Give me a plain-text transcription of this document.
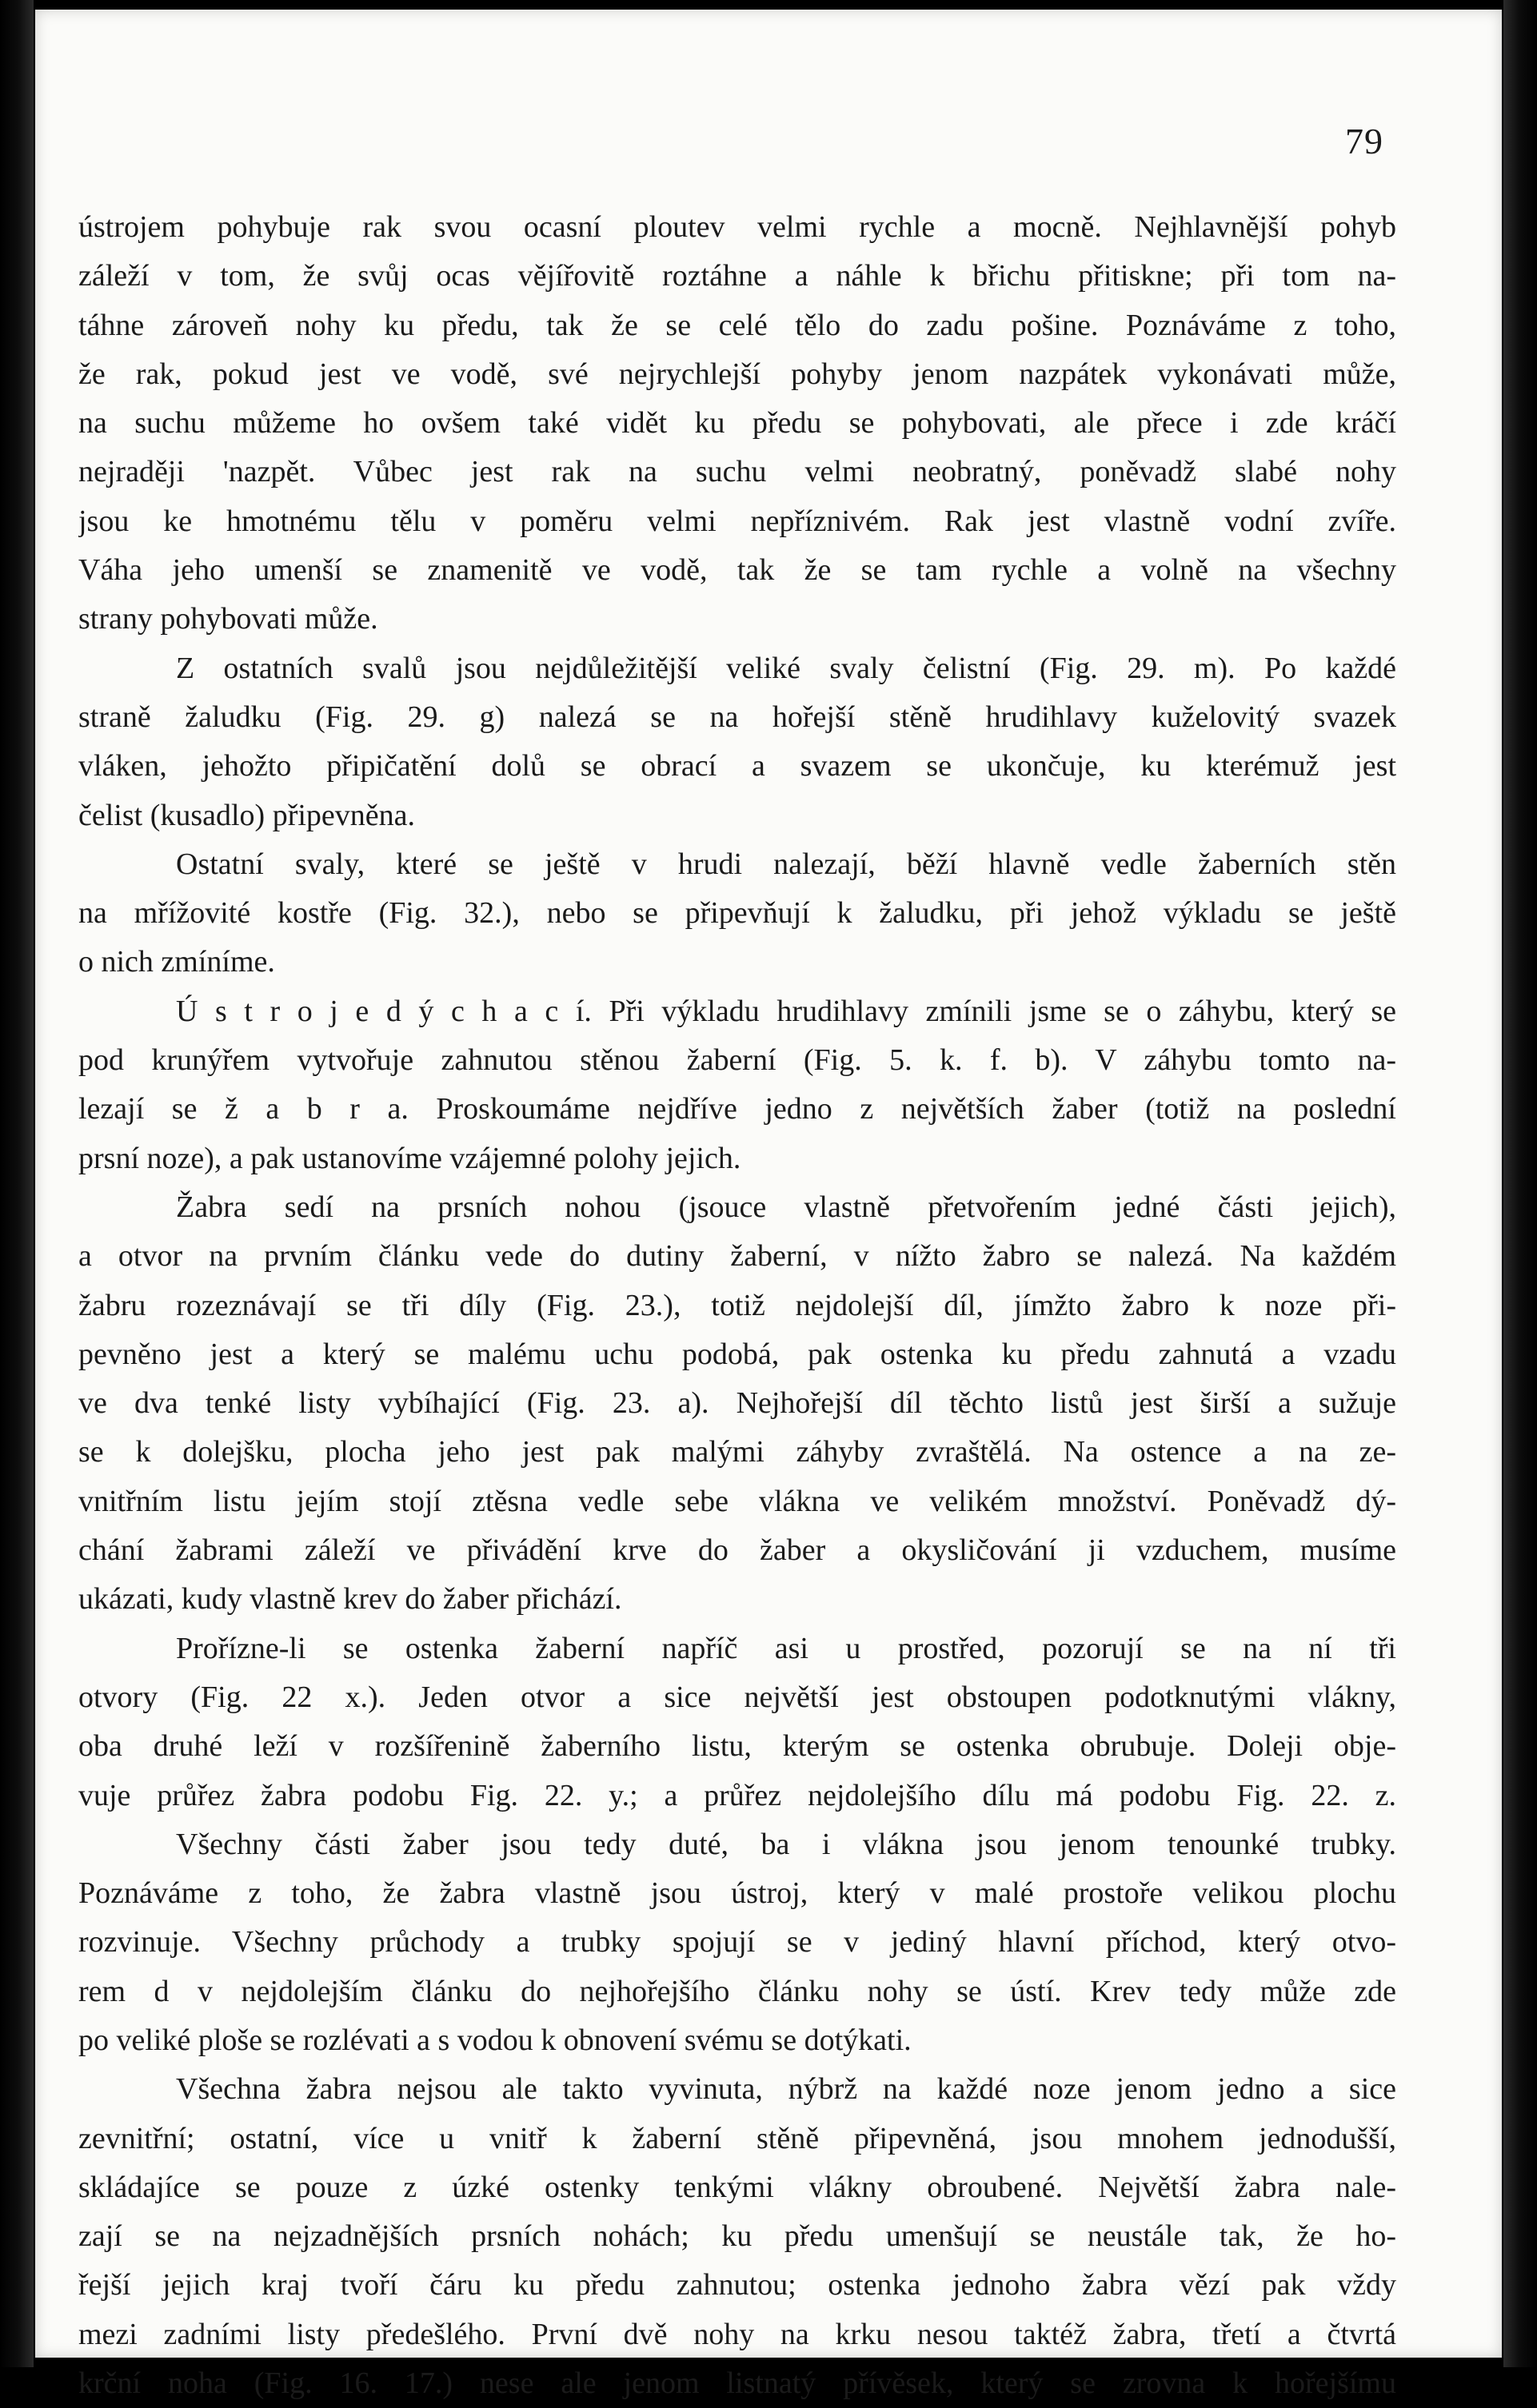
79
ústrojem pohybuje rak svou ocasní ploutev velmi rychle a mocně. Nejhlavnější pohyb
záleží v tom, že svůj ocas vějířovitě roztáhne a náhle k břichu přitiskne; při tom na-
táhne zároveň nohy ku předu, tak že se celé tělo do zadu pošine. Poznáváme z toho,
že rak, pokud jest ve vodě, své nejrychlejší pohyby jenom nazpátek vykonávati může,
na suchu můžeme ho ovšem také vidět ku předu se pohybovati, ale přece i zde kráčí
nejraději 'nazpět. Vůbec jest rak na suchu velmi neobratný, poněvadž slabé nohy
jsou ke hmotnému tělu v poměru velmi nepříznivém. Rak jest vlastně vodní zvíře.
Váha jeho umenší se znamenitě ve vodě, tak že se tam rychle a volně na všechny
strany pohybovati může.
Z ostatních svalů jsou nejdůležitější veliké svaly čelistní (Fig. 29. m). Po každé
straně žaludku (Fig. 29. g) nalezá se na hořejší stěně hrudihlavy kuželovitý svazek
vláken, jehožto připičatění dolů se obrací a svazem se ukončuje, ku kterémuž jest
čelist (kusadlo) připevněna.
Ostatní svaly, které se ještě v hrudi nalezají, běží hlavně vedle žaberních stěn
na mřížovité kostře (Fig. 32.), nebo se připevňují k žaludku, při jehož výkladu se ještě
o nich zmíníme.
Ú s t r o j e d ý c h a c í. Při výkladu hrudihlavy zmínili jsme se o záhybu, který se
pod krunýřem vytvořuje zahnutou stěnou žaberní (Fig. 5. k. f. b). V záhybu tomto na-
lezají se ž a b r a. Proskoumáme nejdříve jedno z největších žaber (totiž na poslední
prsní noze), a pak ustanovíme vzájemné polohy jejich.
Žabra sedí na prsních nohou (jsouce vlastně přetvořením jedné části jejich),
a otvor na prvním článku vede do dutiny žaberní, v nížto žabro se nalezá. Na každém
žabru rozeznávají se tři díly (Fig. 23.), totiž nejdolejší díl, jímžto žabro k noze při-
pevněno jest a který se malému uchu podobá, pak ostenka ku předu zahnutá a vzadu
ve dva tenké listy vybíhající (Fig. 23. a). Nejhořejší díl těchto listů jest širší a sužuje
se k dolejšku, plocha jeho jest pak malými záhyby zvraštělá. Na ostence a na ze-
vnitřním listu jejím stojí ztěsna vedle sebe vlákna ve velikém množství. Poněvadž dý-
chání žabrami záleží ve přivádění krve do žaber a okysličování ji vzduchem, musíme
ukázati, kudy vlastně krev do žaber přichází.
Proříznе-li se ostenka žaberní napříč asi u prostřed, pozorují se na ní tři
otvory (Fig. 22 x.). Jeden otvor a sice největší jest obstoupen podotknutými vlákny,
oba druhé leží v rozšířenině žaberního listu, kterým se ostenka obrubuje. Doleji obje-
vuje průřez žabra podobu Fig. 22. y.; a průřez nejdolejšího dílu má podobu Fig. 22. z.
Všechny části žaber jsou tedy duté, ba i vlákna jsou jenom tenounké trubky.
Poznáváme z toho, že žabra vlastně jsou ústroj, který v malé prostoře velikou plochu
rozvinuje. Všechny průchody a trubky spojují se v jediný hlavní příchod, který otvo-
rem d v nejdolejším článku do nejhořejšího článku nohy se ústí. Krev tedy může zde
po veliké ploše se rozlévati a s vodou k obnovení svému se dotýkati.
Všechna žabra nejsou ale takto vyvinuta, nýbrž na každé noze jenom jedno a sice
zevnitřní; ostatní, více u vnitř k žaberní stěně připevněná, jsou mnohem jednodušší,
skládajíce se pouze z úzké ostenky tenkými vlákny obroubené. Největší žabra nale-
zají se na nejzadnějších prsních nohách; ku předu umenšují se neustále tak, že ho-
řejší jejich kraj tvoří čáru ku předu zahnutou; ostenka jednoho žabra vězí pak vždy
mezi zadními listy předešlého. První dvě nohy na krku nesou taktéž žabra, třetí a čtvrtá
krční noha (Fig. 16. 17.) nese ale jenom listnatý přívěsek, který se zrovna k hořejšímu
